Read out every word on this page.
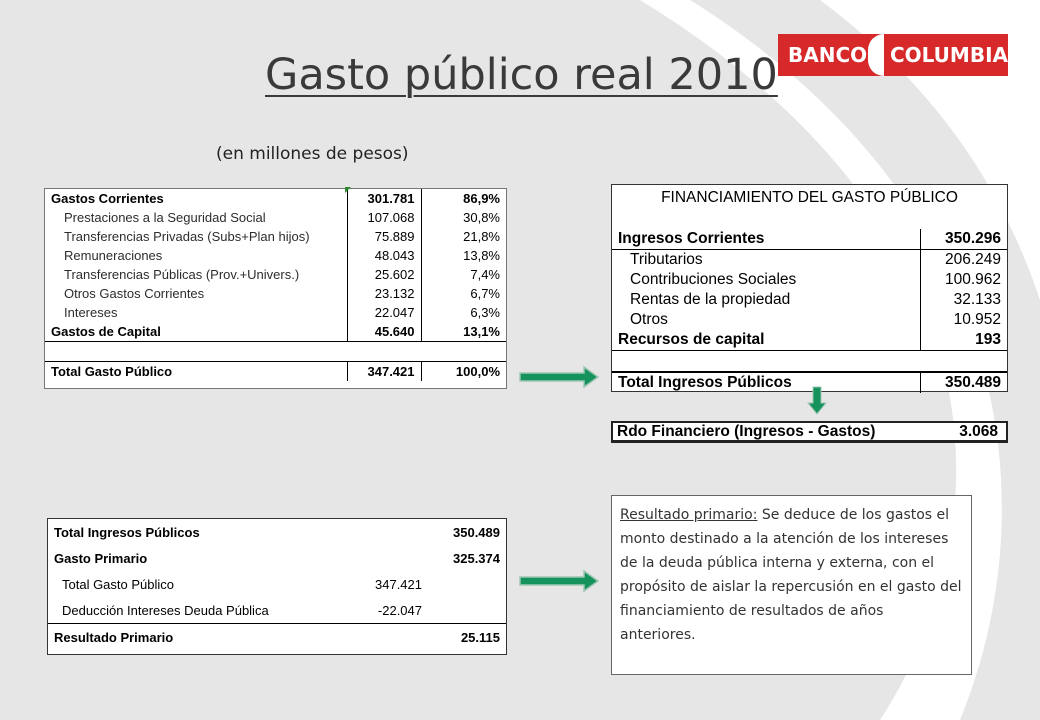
Gasto público real 2010
(en millones de pesos)
BANCO COLUMBIA
Gastos Corrientes	301.781	86,9%
Prestaciones a la Seguridad Social	107.068	30,8%
Transferencias Privadas (Subs+Plan hijos)	75.889	21,8%
Remuneraciones	48.043	13,8%
Transferencias Públicas (Prov.+Univers.)	25.602	7,4%
Otros Gastos Corrientes	23.132	6,7%
Intereses	22.047	6,3%
Gastos de Capital	45.640	13,1%

Total Gasto Público	347.421	100,0%
FINANCIAMIENTO DEL GASTO PÚBLICO

Ingresos Corrientes	350.296
Tributarios	206.249
Contribuciones Sociales	100.962
Rentas de la propiedad	32.133
Otros	10.952
Recursos de capital	193

Total Ingresos Públicos	350.489
Rdo Financiero (Ingresos - Gastos)	3.068
Total Ingresos Públicos		350.489
Gasto Primario		325.374
Total Gasto Público	347.421	
Deducción Intereses Deuda Pública	-22.047	
Resultado Primario		25.115
Resultado primario: Se deduce de los gastos el monto destinado a la atención de los intereses de la deuda pública interna y externa, con el propósito de aislar la repercusión en el gasto del financiamiento de resultados de años anteriores.
